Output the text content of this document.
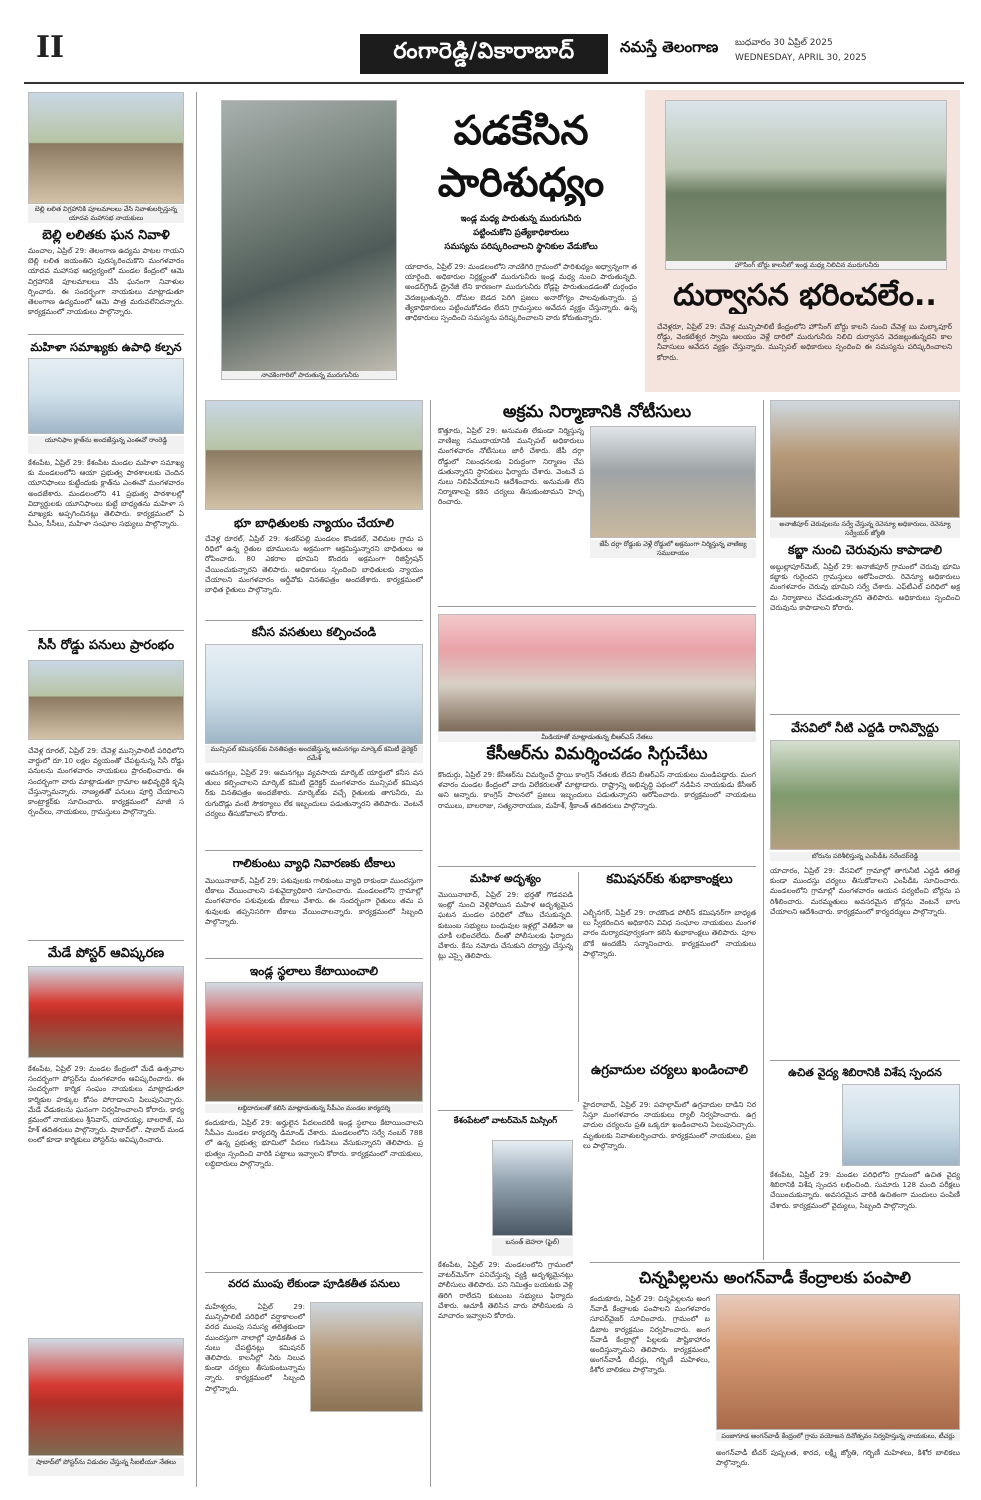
II	రంగారెడ్డి/వికారాబాద్	నమస్తే తెలంగాణ బుధవారం 30 ఏప్రిల్ 2025
WEDNESDAY, APRIL 30, 2025
నాచకింగారిలో పారుతున్న మురుగునీరు
పడకేసిన
పారిశుధ్యం
ఇండ్ల మధ్య పారుతున్న మురుగునీరు
పట్టించుకోని ప్రత్యేకాధికారులు
సమస్యను పరిష్కరించాలని స్థానికుల వేడుకోలు
యాదారం, ఏప్రిల్ 29: మండలంలోని నాచకిగిరి గ్రామంలో పారిశుధ్యం అధ్వాన్నంగా తయారైంది. అధికారుల నిర్లక్ష్యంతో మురుగునీరు ఇండ్ల మధ్య నుంచి పారుతున్నది. అండర్‌గ్రౌండ్ డ్రైనేజీ లేని కారణంగా మురుగునీరు రోడ్లపై పారుతుండడంతో దుర్గంధం వెదజల్లుతున్నది. దోమల బెడద పెరిగి ప్రజలు అనారోగ్యం పాలవుతున్నారు. ప్రత్యేకాధికారులు పట్టించుకోవడం లేదని గ్రామస్తులు ఆవేదన వ్యక్తం చేస్తున్నారు. ఉన్నతాధికారులు స్పందించి సమస్యను పరిష్కరించాలని వారు కోరుతున్నారు.
హౌసింగ్ బోర్డు కాలనీలో ఇండ్ల మధ్య నిలిచిన మురుగునీరు
దుర్వాసన భరించలేం..
చేవెళ్లరూ, ఏప్రిల్ 29: చేవెళ్ల మున్సిపాలిటీ కేంద్రంలోని హౌసింగ్ బోర్డు కాలనీ నుంచి చేవెళ్ల బు మల్కాపూర్ రోడ్డు, వెంకటేశ్వర స్వామి ఆలయం వెళ్లే దారిలో మురుగునీరు నిలిచి దుర్వాసన వెదజల్లుతున్నదని కాలనీవాసులు ఆవేదన వ్యక్తం చేస్తున్నారు. మున్సిపల్ అధికారులు స్పందించి ఈ సమస్యను పరిష్కరించాలని కోరారు.
బెల్లి లలిత విగ్రహానికి పూలమాలలు వేసి నివాళులర్పిస్తున్న యాదవ మహాసభ నాయకులు
బెల్లి లలితకు ఘన నివాళి
మంచాల, ఏప్రిల్ 29: తెలంగాణ ఉద్యమ పాటల గాయని బెల్లి లలిత జయంతిని పురస్కరించుకొని మంగళవారం యాదవ మహాసభ ఆధ్వర్యంలో మండల కేంద్రంలో ఆమె విగ్రహానికి పూలమాలలు వేసి ఘనంగా నివాళులర్పించారు. ఈ సందర్భంగా నాయకులు మాట్లాడుతూ తెలంగాణ ఉద్యమంలో ఆమె పాత్ర మరువలేనిదన్నారు. కార్యక్రమంలో నాయకులు పాల్గొన్నారు.
మహిళా సమాఖ్యకు ఉపాధి కల్పన
యూనిఫాం క్లాత్‌ను అందజేస్తున్న ఎంఈవో రాంరెడ్డి
కేశంపేట, ఏప్రిల్ 29: కేశంపేట మండల మహిళా సమాఖ్యకు మండలంలోని ఆయా ప్రభుత్వ పాఠశాలలకు చెందిన యూనిఫాంలు కుట్టేందుకు క్లాత్‌ను ఎంఈవో మంగళవారం అందజేశారు. మండలంలోని 41 ప్రభుత్వ పాఠశాలల్లో విద్యార్థులకు యూనిఫాంలు కుట్టే బాధ్యతను మహిళా సమాఖ్యకు అప్పగించినట్లు తెలిపారు. కార్యక్రమంలో ఏపీఎం, సీసీలు, మహిళా సంఘాల సభ్యులు పాల్గొన్నారు.
సీసీ రోడ్డు పనులు ప్రారంభం
చేవెళ్ల రూరల్, ఏప్రిల్ 29: చేవెళ్ల మున్సిపాలిటీ పరిధిలోని వార్డులో రూ.10 లక్షల వ్యయంతో చేపట్టనున్న సీసీ రోడ్డు పనులను మంగళవారం నాయకులు ప్రారంభించారు. ఈ సందర్భంగా వారు మాట్లాడుతూ గ్రామాల అభివృద్ధికి కృషి చేస్తున్నామన్నారు. నాణ్యతతో పనులు పూర్తి చేయాలని కాంట్రాక్టర్‌కు సూచించారు. కార్యక్రమంలో మాజీ సర్పంచ్‌లు, నాయకులు, గ్రామస్తులు పాల్గొన్నారు.
మేడే పోస్టర్ ఆవిష్కరణ
కేశంపేట, ఏప్రిల్ 29: మండల కేంద్రంలో మేడే ఉత్సవాల సందర్భంగా పోస్టర్‌ను మంగళవారం ఆవిష్కరించారు. ఈ సందర్భంగా కార్మిక సంఘం నాయకులు మాట్లాడుతూ కార్మికుల హక్కుల కోసం పోరాడాలని పిలుపునిచ్చారు. మేడే వేడుకలను ఘనంగా నిర్వహించాలని కోరారు. కార్యక్రమంలో నాయకులు శ్రీనివాస్, యాదయ్య, బాలరాజ్, మహేశ్ తదితరులు పాల్గొన్నారు. షాబాద్‌లో.. షాబాద్ మండలంలో కూడా కార్మికులు పోస్టర్‌ను ఆవిష్కరించారు.
షాబాద్‌లో పోస్టర్‌ను విడుదల చేస్తున్న సీఐటీయూ నేతలు
భూ బాధితులకు న్యాయం చేయాలి
చేవెళ్ల రూరల్, ఏప్రిల్ 29: శంకర్‌పల్లి మండలం కొండకల్, వెలిమల గ్రామ పరిధిలో ఉన్న రైతుల భూములను అక్రమంగా ఆక్రమిస్తున్నారని బాధితులు ఆరోపించారు. 80 ఎకరాల భూమిని కొందరు అక్రమంగా రిజిస్ట్రేషన్ చేయించుకున్నారని తెలిపారు. అధికారులు స్పందించి బాధితులకు న్యాయం చేయాలని మంగళవారం ఆర్డీవోకు వినతిపత్రం అందజేశారు. కార్యక్రమంలో బాధిత రైతులు పాల్గొన్నారు.
కనీస వసతులు కల్పించండి
మున్సిపల్ కమిషనర్‌కు వినతిపత్రం అందజేస్తున్న ఆమనగల్లు మార్కెట్ కమిటీ డైరెక్టర్ రమేశ్
ఆమనగల్లు, ఏప్రిల్ 29: ఆమనగల్లు వ్యవసాయ మార్కెట్ యార్డులో కనీస వసతులు కల్పించాలని మార్కెట్ కమిటీ డైరెక్టర్ మంగళవారం మున్సిపల్ కమిషనర్‌కు వినతిపత్రం అందజేశారు. మార్కెట్‌కు వచ్చే రైతులకు తాగునీరు, మరుగుదొడ్లు వంటి సౌకర్యాలు లేక ఇబ్బందులు పడుతున్నారని తెలిపారు. వెంటనే చర్యలు తీసుకోవాలని కోరారు.
గాలికుంటు వ్యాధి నివారణకు టీకాలు
మొయినాబాద్, ఏప్రిల్ 29: పశువులకు గాలికుంటు వ్యాధి రాకుండా ముందస్తుగా టీకాలు వేయించాలని పశువైద్యాధికారి సూచించారు. మండలంలోని గ్రామాల్లో మంగళవారం పశువులకు టీకాలు వేశారు. ఈ సందర్భంగా రైతులు తమ పశువులకు తప్పనిసరిగా టీకాలు వేయించాలన్నారు. కార్యక్రమంలో సిబ్బంది పాల్గొన్నారు.
ఇండ్ల స్థలాలు కేటాయించాలి
లబ్ధిదారులతో కలిసి మాట్లాడుతున్న సీపీఎం మండల కార్యదర్శి
కందుకూరు, ఏప్రిల్ 29: అర్హులైన పేదలందరికీ ఇండ్ల స్థలాలు కేటాయించాలని సీపీఎం మండల కార్యదర్శి డిమాండ్ చేశారు. మండలంలోని సర్వే నంబర్ 788లో ఉన్న ప్రభుత్వ భూమిలో పేదలు గుడిసెలు వేసుకున్నారని తెలిపారు. ప్రభుత్వం స్పందించి వారికి పట్టాలు ఇవ్వాలని కోరారు. కార్యక్రమంలో నాయకులు, లబ్ధిదారులు పాల్గొన్నారు.
వరద ముంపు లేకుండా పూడికతీత పనులు
మహేశ్వరం, ఏప్రిల్ 29: మున్సిపాలిటీ పరిధిలో వర్షాకాలంలో వరద ముంపు సమస్య తలెత్తకుండా ముందస్తుగా నాలాల్లో పూడికతీత పనులు చేపట్టినట్లు కమిషనర్ తెలిపారు. కాలనీల్లో నీరు నిలువకుండా చర్యలు తీసుకుంటున్నామన్నారు. కార్యక్రమంలో సిబ్బంది పాల్గొన్నారు.
అక్రమ నిర్మాణానికి నోటీసులు
కొత్తూరు, ఏప్రిల్ 29: అనుమతి లేకుండా నిర్మిస్తున్న వాణిజ్య సముదాయానికి మున్సిపల్ అధికారులు మంగళవారం నోటీసులు జారీ చేశారు. జేపీ దర్గా రోడ్డులో నిబంధనలకు విరుద్ధంగా నిర్మాణం చేపడుతున్నారని స్థానికులు ఫిర్యాదు చేశారు. వెంటనే పనులు నిలిపివేయాలని ఆదేశించారు. అనుమతి లేని నిర్మాణాలపై కఠిన చర్యలు తీసుకుంటామని హెచ్చరించారు.
జేపీ దర్గా రోడ్డుకు వెళ్లే రోడ్డులో అక్రమంగా నిర్మిస్తున్న వాణిజ్య సముదాయం
మీడియాతో మాట్లాడుతున్న బీఆర్ఎస్ నేతలు
కేసీఆర్‌ను విమర్శించడం సిగ్గుచేటు
కొందుర్గు, ఏప్రిల్ 29: కేసీఆర్‌ను విమర్శించే స్థాయి కాంగ్రెస్ నేతలకు లేదని బీఆర్ఎస్ నాయకులు మండిపడ్డారు. మంగళవారం మండల కేంద్రంలో వారు విలేకరులతో మాట్లాడారు. రాష్ట్రాన్ని అభివృద్ధి పథంలో నడిపిన నాయకుడు కేసీఆర్ అని అన్నారు. కాంగ్రెస్ పాలనలో ప్రజలు ఇబ్బందులు పడుతున్నారని ఆరోపించారు. కార్యక్రమంలో నాయకులు రాములు, బాలరాజు, సత్యనారాయణ, మహేశ్, శ్రీకాంత్ తదితరులు పాల్గొన్నారు.
మహిళ అదృశ్యం
మొయినాబాద్, ఏప్రిల్ 29: భర్తతో గొడవపడి ఇంట్లో నుంచి వెళ్లిపోయిన మహిళ అదృశ్యమైన ఘటన మండల పరిధిలో చోటు చేసుకున్నది. కుటుంబ సభ్యులు బంధువుల ఇళ్లల్లో వెతికినా ఆచూకీ లభించలేదు. దీంతో పోలీసులకు ఫిర్యాదు చేశారు. కేసు నమోదు చేసుకుని దర్యాప్తు చేస్తున్నట్లు ఎస్సై తెలిపారు.
కమిషనర్‌కు శుభాకాంక్షలు
ఎల్బీనగర్, ఏప్రిల్ 29: రాచకొండ పోలీస్ కమిషనర్‌గా బాధ్యతలు స్వీకరించిన అధికారిని వివిధ సంఘాల నాయకులు మంగళవారం మర్యాదపూర్వకంగా కలిసి శుభాకాంక్షలు తెలిపారు. పూలబొకే అందజేసి సన్మానించారు. కార్యక్రమంలో నాయకులు పాల్గొన్నారు.
ఉగ్రవాదుల చర్యలు ఖండించాలి
హైదరాబాద్, ఏప్రిల్ 29: పహల్గామ్‌లో ఉగ్రవాదుల దాడిని నిరసిస్తూ మంగళవారం నాయకులు ర్యాలీ నిర్వహించారు. ఉగ్రవాదుల చర్యలను ప్రతి ఒక్కరూ ఖండించాలని పిలుపునిచ్చారు. మృతులకు నివాళులర్పించారు. కార్యక్రమంలో నాయకులు, ప్రజలు పాల్గొన్నారు.
కేశంపేటలో వాటర్‌మెన్ మిస్సింగ్
బసంత్ బెహరా (ఫైల్)
కేశంపేట, ఏప్రిల్ 29: మండలంలోని గ్రామంలో వాటర్‌మెన్‌గా పనిచేస్తున్న వ్యక్తి అదృశ్యమైనట్లు పోలీసులు తెలిపారు. పని నిమిత్తం బయటకు వెళ్లి తిరిగి రాలేదని కుటుంబ సభ్యులు ఫిర్యాదు చేశారు. ఆచూకీ తెలిసిన వారు పోలీసులకు సమాచారం ఇవ్వాలని కోరారు.
అనాజీపూర్ చెరువులను సర్వే చేస్తున్న రెవెన్యూ అధికారులు, రెవెన్యూ సర్వేయర్ జ్యోతి
కబ్జా నుంచి చెరువును కాపాడాలి
అబ్దుల్లాపూర్‌మెట్, ఏప్రిల్ 29: అనాజీపూర్ గ్రామంలో చెరువు భూమి కబ్జాకు గురైందని గ్రామస్తులు ఆరోపించారు. రెవెన్యూ అధికారులు మంగళవారం చెరువు భూమిని సర్వే చేశారు. ఎఫ్‌టీఎల్ పరిధిలో అక్రమ నిర్మాణాలు చేపడుతున్నారని తెలిపారు. అధికారులు స్పందించి చెరువును కాపాడాలని కోరారు.
వేసవిలో నీటి ఎద్దడి రానివ్వొద్దు
బోరును పరిశీలిస్తున్న ఎంపీడీఓ నరేందర్‌రెడ్డి
యాచారం, ఏప్రిల్ 29: వేసవిలో గ్రామాల్లో తాగునీటి ఎద్దడి తలెత్తకుండా ముందస్తు చర్యలు తీసుకోవాలని ఎంపీడీఓ సూచించారు. మండలంలోని గ్రామాల్లో మంగళవారం ఆయన పర్యటించి బోర్లను పరిశీలించారు. మరమ్మతులు అవసరమైన బోర్లను వెంటనే బాగు చేయాలని ఆదేశించారు. కార్యక్రమంలో కార్యదర్శులు పాల్గొన్నారు.
ఉచిత వైద్య శిబిరానికి విశేష స్పందన
కేశంపేట, ఏప్రిల్ 29: మండల పరిధిలోని గ్రామంలో ఉచిత వైద్య శిబిరానికి విశేష స్పందన లభించింది. సుమారు 128 మంది పరీక్షలు చేయించుకున్నారు. అవసరమైన వారికి ఉచితంగా మందులు పంపిణీ చేశారు. కార్యక్రమంలో వైద్యులు, సిబ్బంది పాల్గొన్నారు.
చిన్నపిల్లలను అంగన్‌వాడీ కేంద్రాలకు పంపాలి
కందుకూరు, ఏప్రిల్ 29: చిన్నపిల్లలను అంగన్‌వాడీ కేంద్రాలకు పంపాలని మంగళవారం సూపర్‌వైజర్ సూచించారు. గ్రామంలో బడిబాట కార్యక్రమం నిర్వహించారు. అంగన్‌వాడీ కేంద్రాల్లో పిల్లలకు పౌష్టికాహారం అందిస్తున్నామని తెలిపారు. కార్యక్రమంలో అంగన్‌వాడీ టీచర్లు, గర్భిణీ మహిళలు, కిశోర బాలికలు పాల్గొన్నారు.
పంజాగూడ అంగన్‌వాడీ కేంద్రంలో గ్రామ వయోజన దినోత్సవం నిర్వహిస్తున్న నాయకులు, టీచర్లు
అంగన్‌వాడీ టీచర్ పుష్పలత, శారద, లక్ష్మీ జ్యోతి, గర్భిణీ మహిళలు, కిశోర బాలికలు పాల్గొన్నారు.
